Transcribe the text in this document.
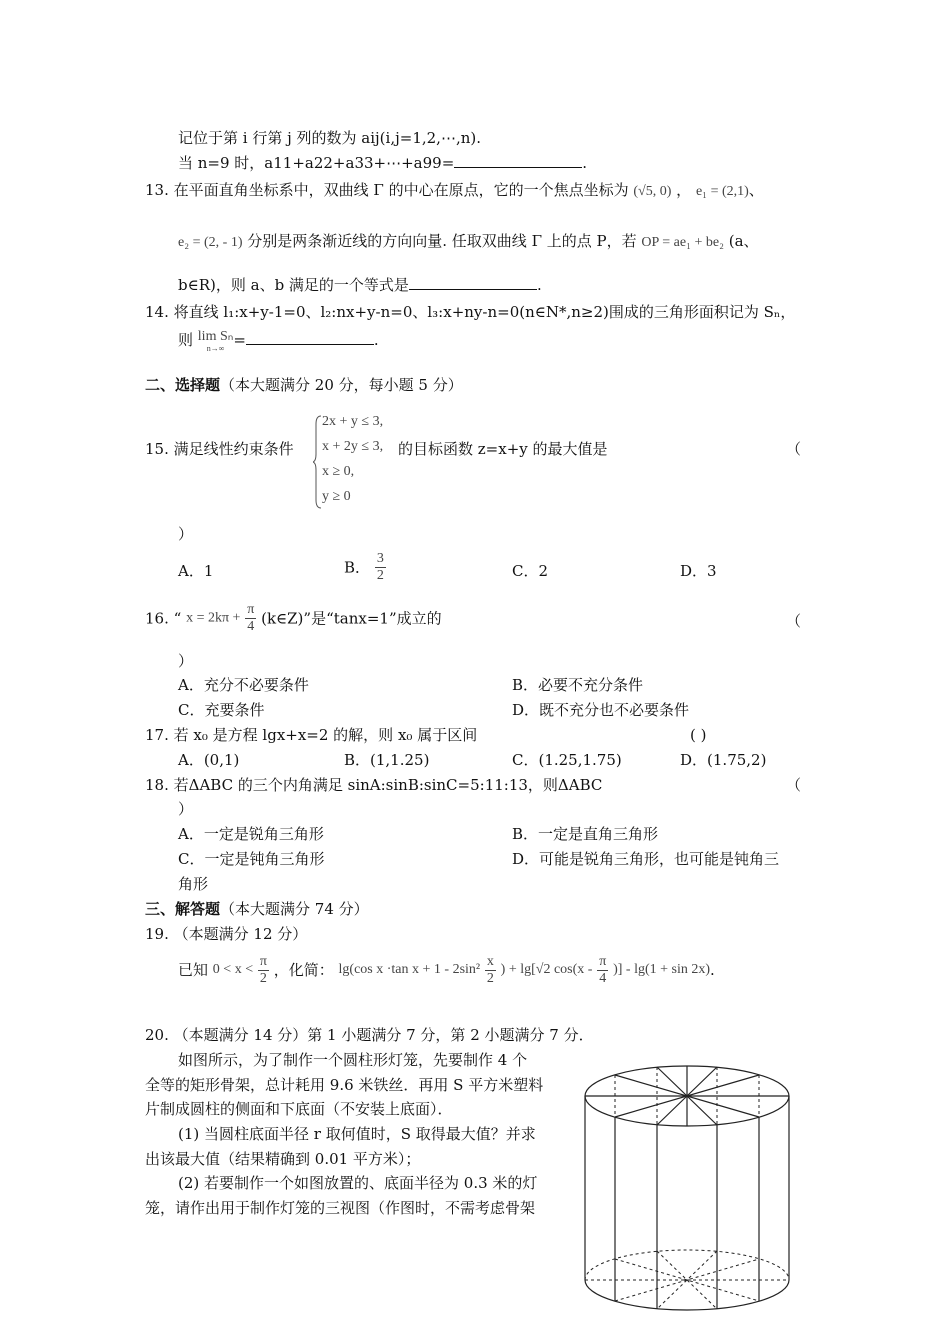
记位于第 i 行第 j 列的数为 aij(i,j=1,2,⋯,n).
当 n=9 时，a11+a22+a33+⋯+a99=	.
13. 在平面直角坐标系中，双曲线 Γ 的中心在原点，它的一个焦点坐标为 (√5, 0) ， e₁ = (2,1)、
e₂ = (2, - 1) 分别是两条渐近线的方向向量. 任取双曲线 Γ 上的点 P，若 OP = ae₁ + be₂ (a、
b∈R)，则 a、b 满足的一个等式是	.
14. 将直线 l₁:x+y-1=0、l₂:nx+y-n=0、l₃:x+ny-n=0(n∈N*,n≥2)围成的三角形面积记为 Sₙ，
则 lim Sₙ
n→∞ =	.
二、选择题（本大题满分 20 分，每小题 5 分）
15. 满足线性约束条件
2x + y ≤ 3,
x + 2y ≤ 3,
x ≥ 0,
y ≥ 0
的目标函数 z=x+y 的最大值是	（
）
A．1	B． $\frac{3}{2}$	C．2	D．3
16. “ $x = 2k\pi + \frac{\pi}{4}$ (k∈Z)”是“tanx=1”成立的	（
）
A．充分不必要条件	B．必要不充分条件
C．充要条件	D．既不充分也不必要条件
17. 若 x₀ 是方程 lgx+x=2 的解，则 x₀ 属于区间	( )
A．(0,1)	B．(1,1.25)	C．(1.25,1.75)	D．(1.75,2)
18. 若ΔABC 的三个内角满足 sinA:sinB:sinC=5:11:13，则ΔABC	（
）
A．一定是锐角三角形	B．一定是直角三角形
C．一定是钝角三角形	D．可能是锐角三角形，也可能是钝角三
角形
三、解答题（本大题满分 74 分）
19. （本题满分 12 分）
已知 $0 < x < \frac{\pi}{2}$ ，化简： lg(cos x ·tan $x + 1 - 2\sin^2 \frac{x}{2}$ ) + lg[√2 $\cos(x - \frac{\pi}{4}$ )] - lg(1 + sin 2x).
20. （本题满分 14 分）第 1 小题满分 7 分，第 2 小题满分 7 分．
如图所示，为了制作一个圆柱形灯笼，先要制作 4 个
全等的矩形骨架，总计耗用 9.6 米铁丝．再用 S 平方米塑料
片制成圆柱的侧面和下底面（不安装上底面）．
(1) 当圆柱底面半径 r 取何值时，S 取得最大值？并求
出该最大值（结果精确到 0.01 平方米）；
(2) 若要制作一个如图放置的、底面半径为 0.3 米的灯
笼，请作出用于制作灯笼的三视图（作图时，不需考虑骨架
